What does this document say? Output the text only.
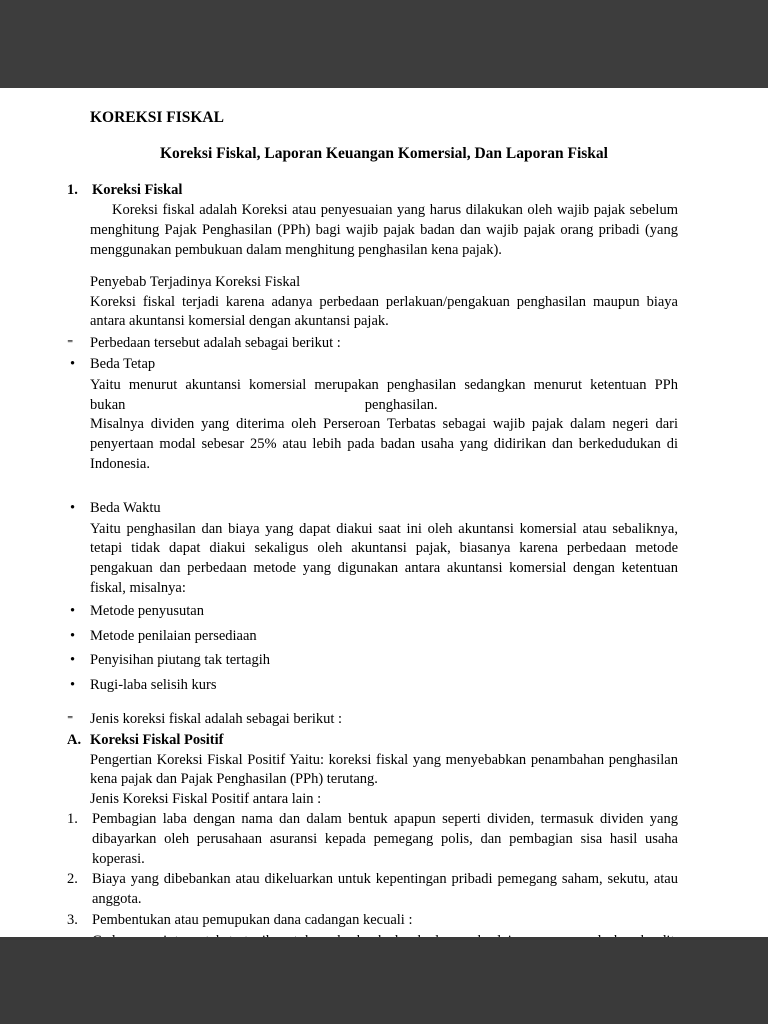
KOREKSI FISKAL

Koreksi Fiskal, Laporan Keuangan Komersial, Dan Laporan Fiskal

1. Koreksi Fiskal

Koreksi fiskal adalah Koreksi atau penyesuaian yang harus dilakukan oleh wajib pajak sebelum menghitung Pajak Penghasilan (PPh) bagi wajib pajak badan dan wajib pajak orang pribadi (yang menggunakan pembukuan dalam menghitung penghasilan kena pajak).

Penyebab Terjadinya Koreksi Fiskal

Koreksi fiskal terjadi karena adanya perbedaan perlakuan/pengakuan penghasilan maupun biaya antara akuntansi komersial dengan akuntansi pajak.

⁼	Perbedaan tersebut adalah sebagai berikut :
•	Beda Tetap

Yaitu menurut akuntansi komersial merupakan penghasilan sedangkan menurut ketentuan PPh

bukan	penghasilan.

Misalnya dividen yang diterima oleh Perseroan Terbatas sebagai wajib pajak dalam negeri dari penyertaan modal sebesar 25% atau lebih pada badan usaha yang didirikan dan berkedudukan di Indonesia.

•	Beda Waktu

Yaitu penghasilan dan biaya yang dapat diakui saat ini oleh akuntansi komersial atau sebaliknya, tetapi tidak dapat diakui sekaligus oleh akuntansi pajak, biasanya karena perbedaan metode pengakuan dan perbedaan metode yang digunakan antara akuntansi komersial dengan ketentuan fiskal, misalnya:

•	Metode penyusutan
•	Metode penilaian persediaan
•	Penyisihan piutang tak tertagih
•	Rugi-laba selisih kurs
⁼	Jenis koreksi fiskal adalah sebagai berikut :
A. Koreksi Fiskal Positif

Pengertian Koreksi Fiskal Positif Yaitu: koreksi fiskal yang menyebabkan penambahan penghasilan kena pajak dan Pajak Penghasilan (PPh) terutang.

Jenis Koreksi Fiskal Positif antara lain :

1. Pembagian laba dengan nama dan dalam bentuk apapun seperti dividen, termasuk dividen yang dibayarkan oleh perusahaan asuransi kepada pemegang polis, dan pembagian sisa hasil usaha koperasi.
2. Biaya yang dibebankan atau dikeluarkan untuk kepentingan pribadi pemegang saham, sekutu, atau anggota.
3. Pembentukan atau pemupukan dana cadangan kecuali :
